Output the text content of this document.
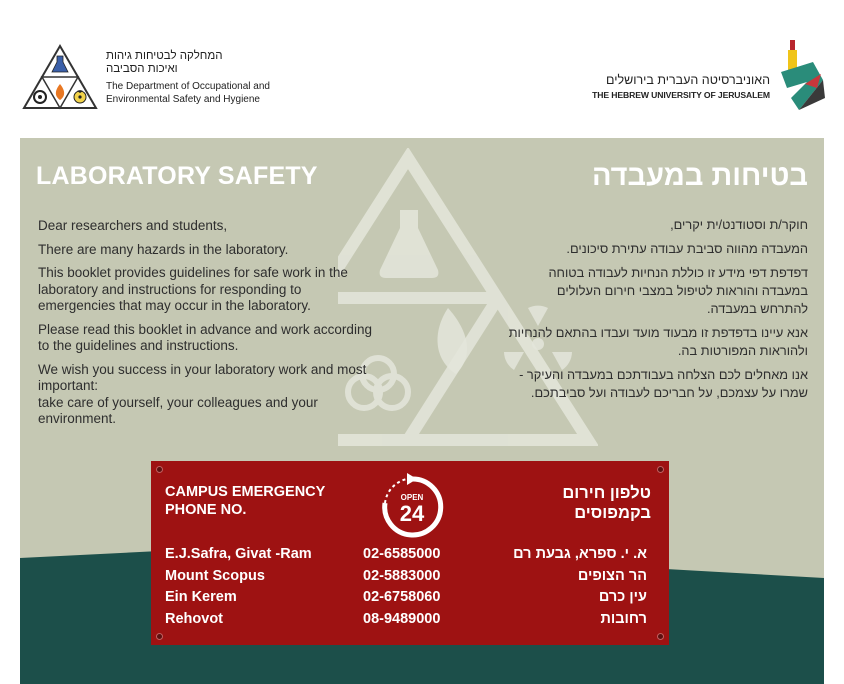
המחלקה לבטיחות גיהות
ואיכות הסביבה
The Department of Occupational and
Environmental Safety and Hygiene
האוניברסיטה העברית בירושלים
THE HEBREW UNIVERSITY OF JERUSALEM
LABORATORY SAFETY	בטיחות במעבדה

Dear researchers and students,

There are many hazards in the laboratory.

This booklet provides guidelines for safe work in the laboratory and instructions for responding to emergencies that may occur in the laboratory.

Please read this booklet in advance and work according to the guidelines and instructions.

We wish you success in your laboratory work and most important:

take care of yourself, your colleagues and your environment.

חוקר/ת וסטודנט/ית יקרים,

המעבדה מהווה סביבת עבודה עתירת סיכונים.

דפדפת דפי מידע זו כוללת הנחיות לעבודה בטוחה במעבדה והוראות לטיפול במצבי חירום העלולים להתרחש במעבדה.

אנא עיינו בדפדפת זו מבעוד מועד ועבדו בהתאם להנחיות ולהוראות המפורטות בה.

אנו מאחלים לכם הצלחה בעבודתכם במעבדה והעיקר - שמרו על עצמכם, על חבריכם לעבודה ועל סביבתכם.

CAMPUS EMERGENCY
PHONE NO.
טלפון חירום
בקמפוסים
OPEN
24
E.J.Safra, Givat -Ram	02-6585000	א. י. ספרא, גבעת רם
Mount Scopus	02-5883000	הר הצופים
Ein Kerem	02-6758060	עין כרם
Rehovot	08-9489000	רחובות
